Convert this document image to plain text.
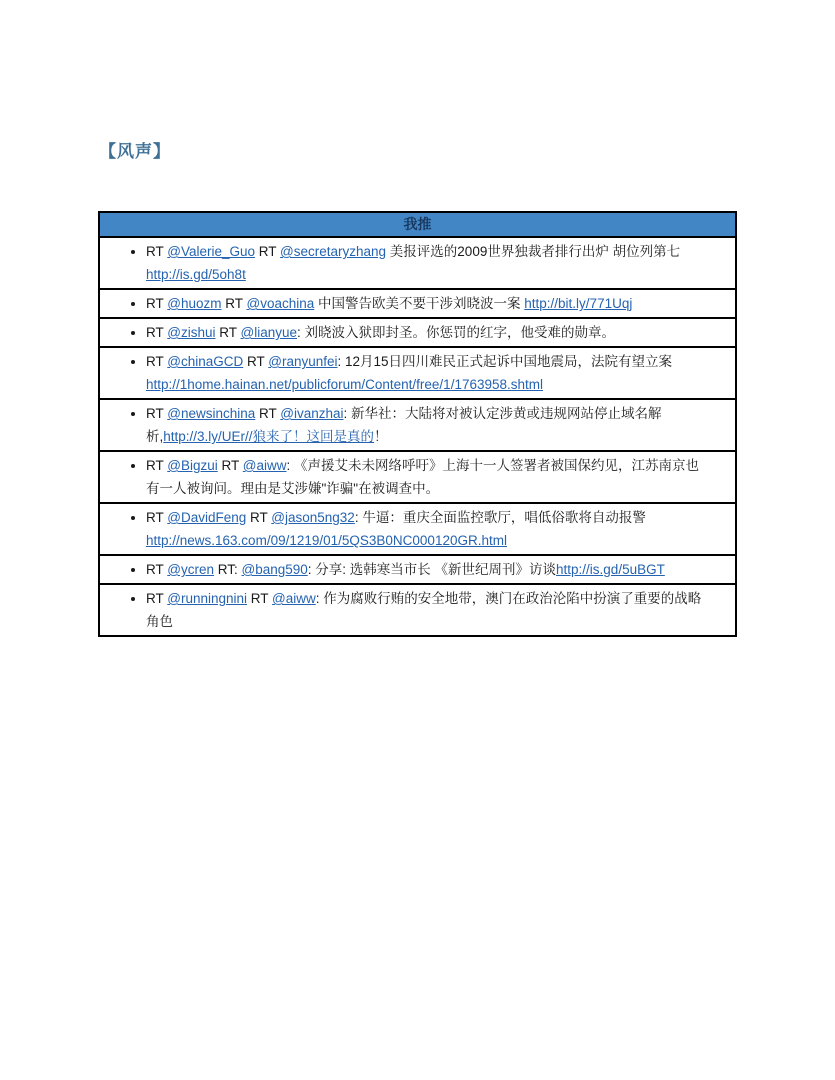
【风声】
我推
RT @Valerie_Guo RT @secretaryzhang 美报评选的2009世界独裁者排行出炉 胡位列第七http://is.gd/5oh8t
RT @huozm RT @voachina 中国警告欧美不要干涉刘晓波一案 http://bit.ly/771Uqj
RT @zishui RT @lianyue: 刘晓波入狱即封圣。你惩罚的红字，他受难的勋章。
RT @chinaGCD RT @ranyunfei: 12月15日四川难民正式起诉中国地震局，法院有望立案http://1home.hainan.net/publicforum/Content/free/1/1763958.shtml
RT @newsinchina RT @ivanzhai: 新华社：大陆将对被认定涉黄或违规网站停止域名解析,http://3.ly/UEr//狼来了！这回是真的！
RT @Bigzui RT @aiww: 《声援艾未未网络呼吁》上海十一人签署者被国保约见，江苏南京也有一人被询问。理由是艾涉嫌"诈骗"在被调查中。
RT @DavidFeng RT @jason5ng32: 牛逼：重庆全面监控歌厅，唱低俗歌将自动报警http://news.163.com/09/1219/01/5QS3B0NC000120GR.html
RT @ycren RT: @bang590: 分享: 选韩寒当市长 《新世纪周刊》访谈http://is.gd/5uBGT
RT @runningnini RT @aiww: 作为腐败行贿的安全地带，澳门在政治沦陷中扮演了重要的战略角色
